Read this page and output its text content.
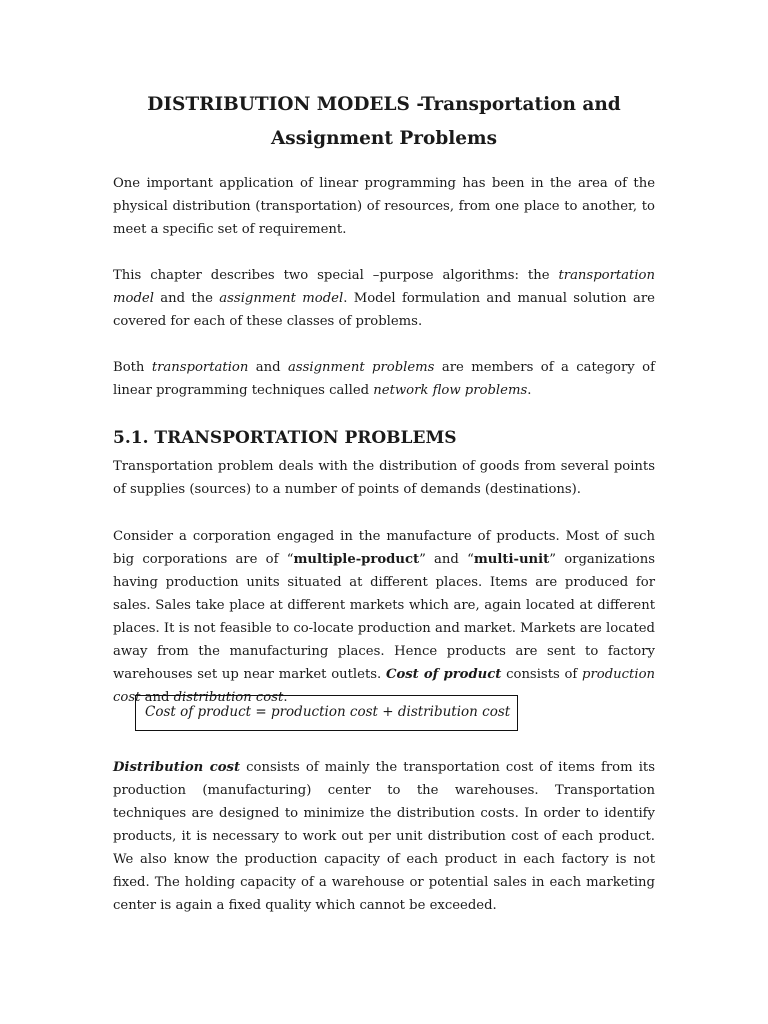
DISTRIBUTION MODELS -Transportation and
Assignment Problems

One important application of linear programming has been in the area of the physical distribution (transportation) of resources, from one place to another, to meet a specific set of requirement.

This chapter describes two special –purpose algorithms: the transportation model and the assignment model. Model formulation and manual solution are covered for each of these classes of problems.

Both transportation and assignment problems are members of a category of linear programming techniques called network flow problems.

5.1. TRANSPORTATION PROBLEMS

Transportation problem deals with the distribution of goods from several points of supplies (sources) to a number of points of demands (destinations).

Consider a corporation engaged in the manufacture of products. Most of such big corporations are of “multiple-product” and “multi-unit” organizations having production units situated at different places. Items are produced for sales. Sales take place at different markets which are, again located at different places. It is not feasible to co-locate production and market. Markets are located away from the manufacturing places. Hence products are sent to factory warehouses set up near market outlets. Cost of product consists of production cost and distribution cost.

Cost of product = production cost + distribution cost

Distribution cost consists of mainly the transportation cost of items from its production (manufacturing) center to the warehouses. Transportation techniques are designed to minimize the distribution costs. In order to identify products, it is necessary to work out per unit distribution cost of each product. We also know the production capacity of each product in each factory is not fixed. The holding capacity of a warehouse or potential sales in each marketing center is again a fixed quality which cannot be exceeded.
